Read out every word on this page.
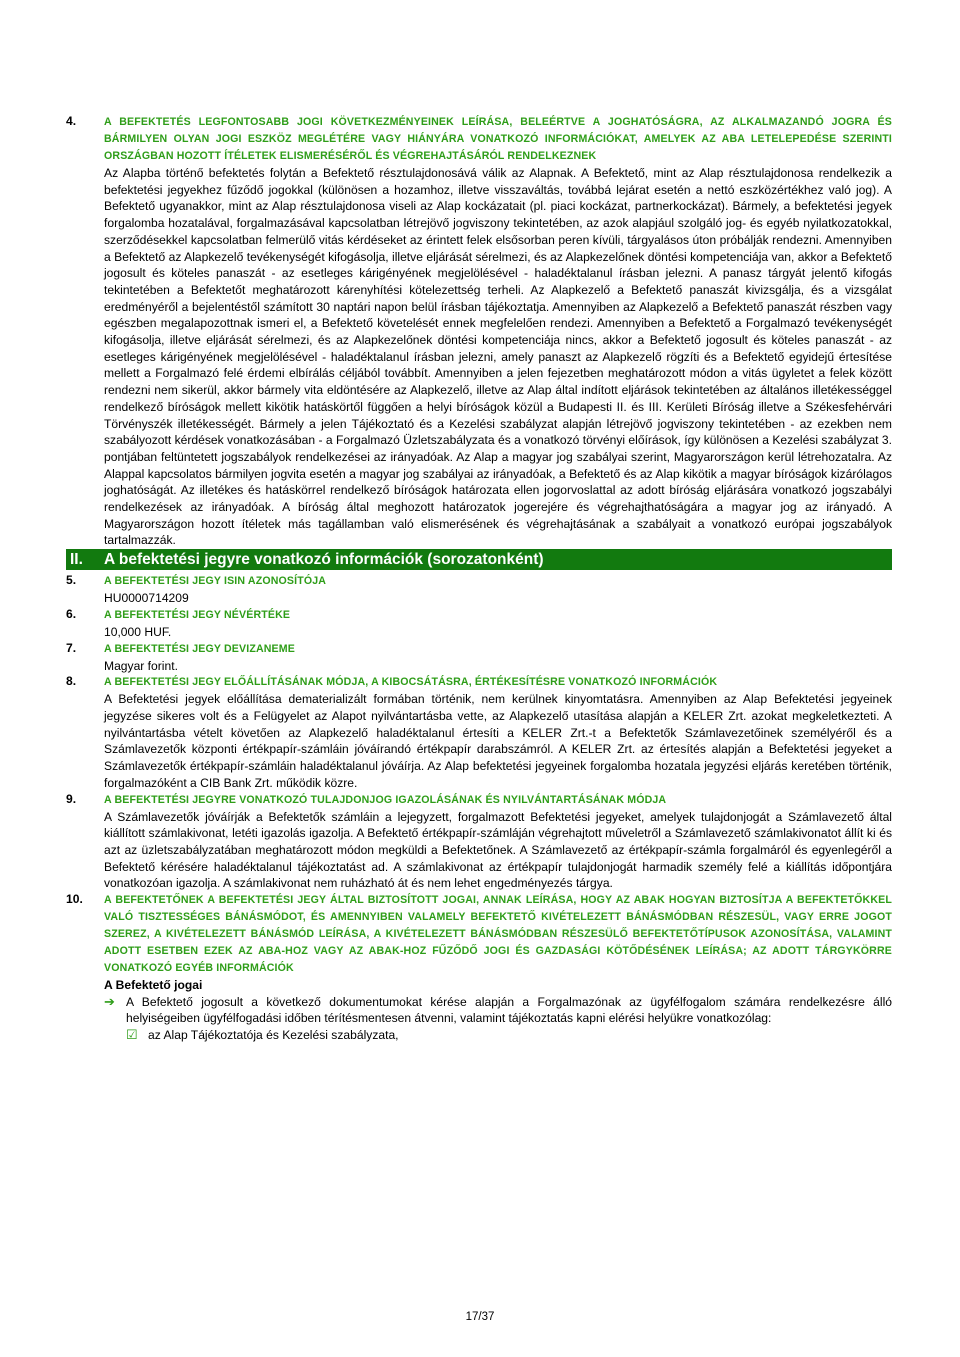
4.	A BEFEKTETÉS LEGFONTOSABB JOGI KÖVETKEZMÉNYEINEK LEÍRÁSA, BELEÉRTVE A JOGHATÓSÁGRA, AZ ALKALMAZANDÓ JOGRA ÉS BÁRMILYEN OLYAN JOGI ESZKÖZ MEGLÉTÉRE VAGY HIÁNYÁRA VONATKOZÓ INFORMÁCIÓKAT, AMELYEK AZ ABA LETELEPEDÉSE SZERINTI ORSZÁGBAN HOZOTT ÍTÉLETEK ELISMERÉSÉRŐL ÉS VÉGREHAJTÁSÁRÓL RENDELKEZNEK

Az Alapba történő befektetés folytán a Befektető résztulajdonosává válik az Alapnak. A Befektető, mint az Alap résztulajdonosa rendelkezik a befektetési jegyekhez fűződő jogokkal (különösen a hozamhoz, illetve visszaváltás, továbbá lejárat esetén a nettó eszközértékhez való jog). A Befektető ugyanakkor, mint az Alap résztulajdonosa viseli az Alap kockázatait (pl. piaci kockázat, partnerkockázat). Bármely, a befektetési jegyek forgalomba hozatalával, forgalmazásával kapcsolatban létrejövő jogviszony tekintetében, az azok alapjául szolgáló jog- és egyéb nyilatkozatokkal, szerződésekkel kapcsolatban felmerülő vitás kérdéseket az érintett felek elsősorban peren kívüli, tárgyalásos úton próbálják rendezni. Amennyiben a Befektető az Alapkezelő tevékenységét kifogásolja, illetve eljárását sérelmezi, és az Alapkezelőnek döntési kompetenciája van, akkor a Befektető jogosult és köteles panaszát - az esetleges kárigényének megjelölésével - haladéktalanul írásban jelezni. A panasz tárgyát jelentő kifogás tekintetében a Befektetőt meghatározott kárenyhítési kötelezettség terheli. Az Alapkezelő a Befektető panaszát kivizsgálja, és a vizsgálat eredményéről a bejelentéstől számított 30 naptári napon belül írásban tájékoztatja. Amennyiben az Alapkezelő a Befektető panaszát részben vagy egészben megalapozottnak ismeri el, a Befektető követelését ennek megfelelően rendezi. Amennyiben a Befektető a Forgalmazó tevékenységét kifogásolja, illetve eljárását sérelmezi, és az Alapkezelőnek döntési kompetenciája nincs, akkor a Befektető jogosult és köteles panaszát - az esetleges kárigényének megjelölésével - haladéktalanul írásban jelezni, amely panaszt az Alapkezelő rögzíti és a Befektető egyidejű értesítése mellett a Forgalmazó felé érdemi elbírálás céljából továbbít. Amennyiben a jelen fejezetben meghatározott módon a vitás ügyletet a felek között rendezni nem sikerül, akkor bármely vita eldöntésére az Alapkezelő, illetve az Alap által indított eljárások tekintetében az általános illetékességgel rendelkező bíróságok mellett kikötik hatáskörtől függően a helyi bíróságok közül a Budapesti II. és III. Kerületi Bíróság illetve a Székesfehérvári Törvényszék illetékességét. Bármely a jelen Tájékoztató és a Kezelési szabályzat alapján létrejövő jogviszony tekintetében - az ezekben nem szabályozott kérdések vonatkozásában - a Forgalmazó Üzletszabályzata és a vonatkozó törvényi előírások, így különösen a Kezelési szabályzat 3. pontjában feltüntetett jogszabályok rendelkezései az irányadóak. Az Alap a magyar jog szabályai szerint, Magyarországon kerül létrehozatalra. Az Alappal kapcsolatos bármilyen jogvita esetén a magyar jog szabályai az irányadóak, a Befektető és az Alap kikötik a magyar bíróságok kizárólagos joghatóságát. Az illetékes és hatáskörrel rendelkező bíróságok határozata ellen jogorvoslattal az adott bíróság eljárására vonatkozó jogszabályi rendelkezések az irányadóak. A bíróság által meghozott határozatok jogerejére és végrehajthatóságára a magyar jog az irányadó. A Magyarországon hozott ítéletek más tagállamban való elismerésének és végrehajtásának a szabályait a vonatkozó európai jogszabályok tartalmazzák.

II. A befektetési jegyre vonatkozó információk (sorozatonként)
5.	A BEFEKTETÉSI JEGY ISIN AZONOSÍTÓJA

HU0000714209

6.	A BEFEKTETÉSI JEGY NÉVÉRTÉKE

10,000 HUF.

7.	A BEFEKTETÉSI JEGY DEVIZANEME

Magyar forint.

8.	A BEFEKTETÉSI JEGY ELŐÁLLÍTÁSÁNAK MÓDJA, A KIBOCSÁTÁSRA, ÉRTÉKESÍTÉSRE VONATKOZÓ INFORMÁCIÓK

A Befektetési jegyek előállítása dematerializált formában történik, nem kerülnek kinyomtatásra. Amennyiben az Alap Befektetési jegyeinek jegyzése sikeres volt és a Felügyelet az Alapot nyilvántartásba vette, az Alapkezelő utasítása alapján a KELER Zrt. azokat megkeletkezteti. A nyilvántartásba vételt követően az Alapkezelő haladéktalanul értesíti a KELER Zrt.-t a Befektetők Számlavezetőinek személyéről és a Számlavezetők központi értékpapír-számláin jóváírandó értékpapír darabszámról. A KELER Zrt. az értesítés alapján a Befektetési jegyeket a Számlavezetők értékpapír-számláin haladéktalanul jóváírja. Az Alap befektetési jegyeinek forgalomba hozatala jegyzési eljárás keretében történik, forgalmazóként a CIB Bank Zrt. működik közre.

9.	A BEFEKTETÉSI JEGYRE VONATKOZÓ TULAJDONJOG IGAZOLÁSÁNAK ÉS NYILVÁNTARTÁSÁNAK MÓDJA

A Számlavezetők jóváírják a Befektetők számláin a lejegyzett, forgalmazott Befektetési jegyeket, amelyek tulajdonjogát a Számlavezető által kiállított számlakivonat, letéti igazolás igazolja. A Befektető értékpapír-számláján végrehajtott műveletről a Számlavezető számlakivonatot állít ki és azt az üzletszabályzatában meghatározott módon megküldi a Befektetőnek. A Számlavezető az értékpapír-számla forgalmáról és egyenlegéről a Befektető kérésére haladéktalanul tájékoztatást ad. A számlakivonat az értékpapír tulajdonjogát harmadik személy felé a kiállítás időpontjára vonatkozóan igazolja. A számlakivonat nem ruházható át és nem lehet engedményezés tárgya.

10. A BEFEKTETŐNEK A BEFEKTETÉSI JEGY ÁLTAL BIZTOSÍTOTT JOGAI, ANNAK LEÍRÁSA, HOGY AZ ABAK HOGYAN BIZTOSÍTJA A BEFEKTETŐKKEL VALÓ TISZTESSÉGES BÁNÁSMÓDOT, ÉS AMENNYIBEN VALAMELY BEFEKTETŐ KIVÉTELEZETT BÁNÁSMÓDBAN RÉSZESÜL, VAGY ERRE JOGOT SZEREZ, A KIVÉTELEZETT BÁNÁSMÓD LEÍRÁSA, A KIVÉTELEZETT BÁNÁSMÓDBAN RÉSZESÜLŐ BEFEKTETŐTÍPUSOK AZONOSÍTÁSA, VALAMINT ADOTT ESETBEN EZEK AZ ABA-HOZ VAGY AZ ABAK-HOZ FŰZŐDŐ JOGI ÉS GAZDASÁGI KÖTŐDÉSÉNEK LEÍRÁSA; AZ ADOTT TÁRGYKÖRRE VONATKOZÓ EGYÉB INFORMÁCIÓK

A Befektető jogai

➔ A Befektető jogosult a következő dokumentumokat kérése alapján a Forgalmazónak az ügyfélfogalom számára rendelkezésre álló helyiségeiben ügyfélfogadási időben térítésmentesen átvenni, valamint tájékoztatás kapni elérési helyükre vonatkozólag:

☑ az Alap Tájékoztatója és Kezelési szabályzata,

17/37
